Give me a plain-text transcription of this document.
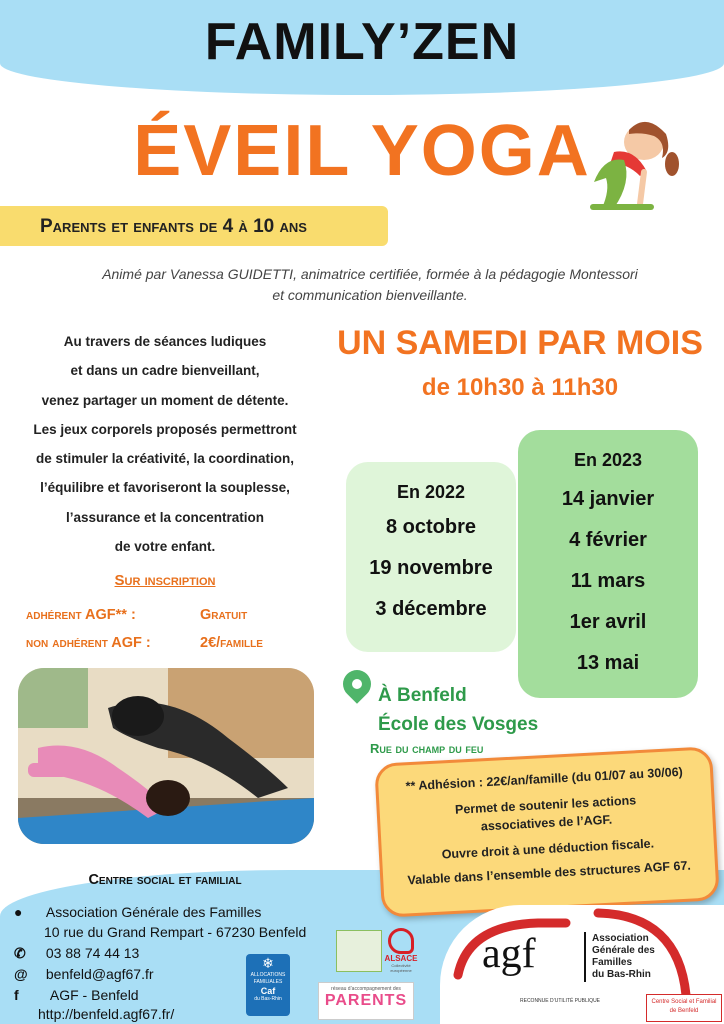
FAMILY’ZEN
ÉVEIL YOGA
Parents et enfants de 4 à 10 ans
Animé par Vanessa GUIDETTI, animatrice certifiée, formée à la pédagogie Montessori
et communication bienveillante.
Au travers de séances ludiques
et dans un cadre bienveillant,
venez partager un moment de détente.
Les jeux corporels proposés permettront
de stimuler la créativité, la coordination,
l’équilibre et favoriseront la souplesse,
l’assurance et la concentration
de votre enfant.
Sur inscription
adhérent AGF** :	Gratuit
non adhérent AGF :	2€/famille
UN SAMEDI PAR MOIS
de 10h30 à 11h30
En 2022
8 octobre
19 novembre
3 décembre
En 2023
14 janvier
4 février
11 mars
1er avril
13 mai
À Benfeld
École des Vosges
Rue du champ du feu
** Adhésion : 22€/an/famille (du 01/07 au 30/06)
Permet de soutenir les actions
associatives de l’AGF.
Ouvre droit à une déduction fiscale.
Valable dans l’ensemble des structures AGF 67.
Centre social et familial
● Association Générale des Familles
10 rue du Grand Rempart - 67230 Benfeld
✆ 03 88 74 44 13
@ benfeld@agf67.fr
f AGF - Benfeld
http://benfeld.agf67.fr/
❄
ALLOCATIONS
FAMILIALES
Caf
du Bas-Rhin
ALSACE
Collectivité européenne
réseau d’accompagnement des
PARENTS
agf	Association
Générale des
Familles
du Bas-Rhin
RECONNUE D’UTILITÉ PUBLIQUE	Centre Social et Familial
de Benfeld
